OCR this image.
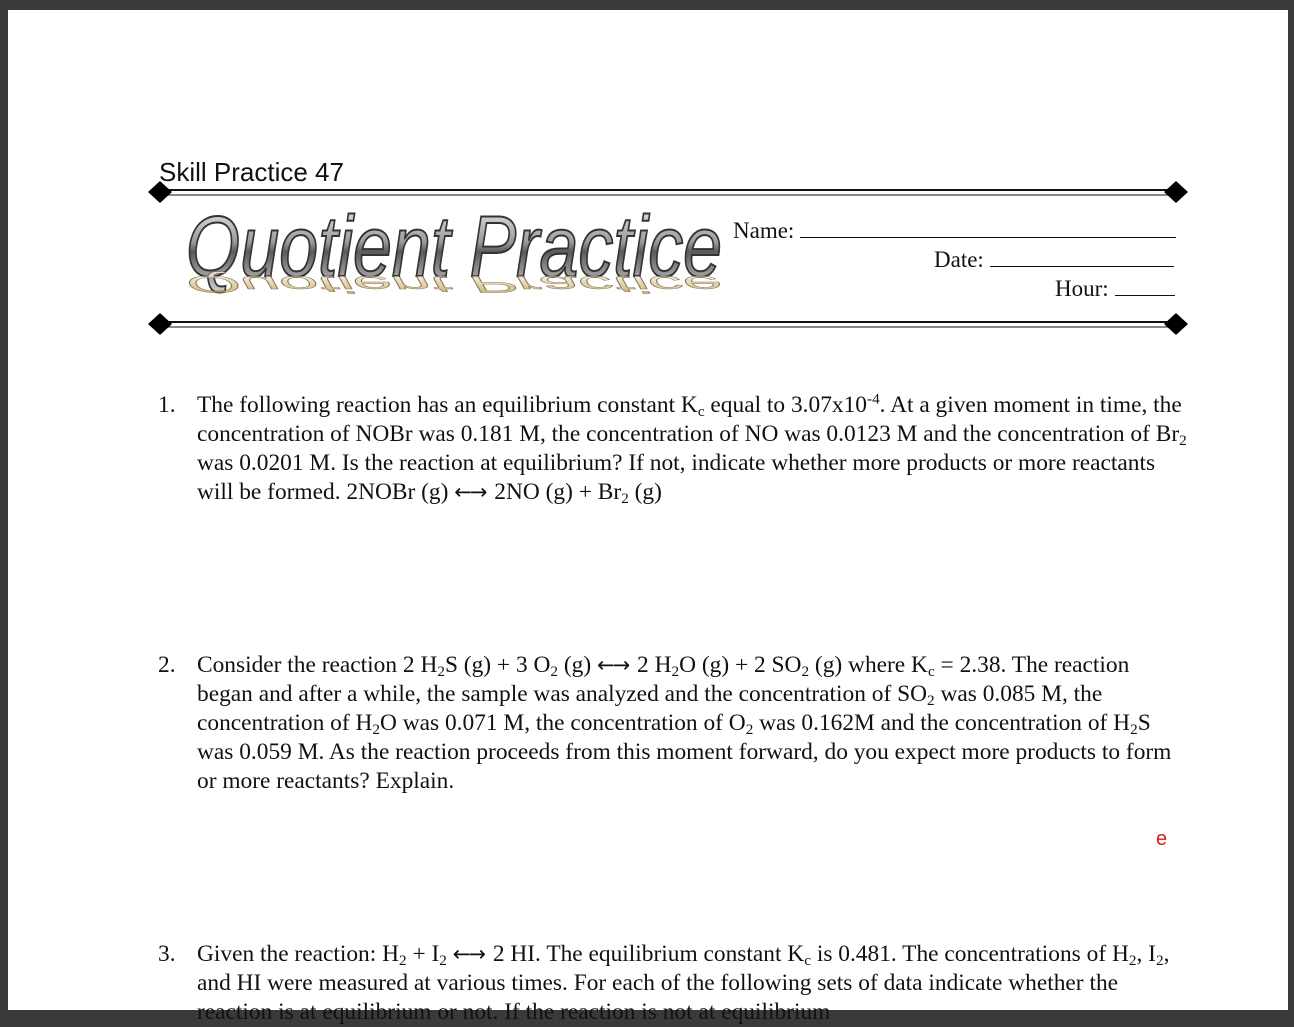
Skill Practice 47
Quotient Practice
Quotient Practice
Name:
Date:
Hour:
1. The following reaction has an equilibrium constant $K_c$ equal to $3.07x10^{-4}$. At a given moment in time, the concentration of NOBr was 0.181 M, the concentration of NO was 0.0123 M and the concentration of $Br_2$ was 0.0201 M. Is the reaction at equilibrium? If not, indicate whether more products or more reactants will be formed. 2NOBr (g) ←→ 2NO $(g) + Br_2$ (g)
2. Consider the reaction 2 $H_2S$ (g) + 3 $O_2$ (g) ←→ 2 $H_2O$ (g) + 2 $SO_2$ (g) where $K_c = 2.38$. The reaction began and after a while, the sample was analyzed and the concentration of $SO_2$ was 0.085 M, the concentration of $H_2O$ was 0.071 M, the concentration of $O_2$ was 0.162M and the concentration of $H_2S$ was 0.059 M. As the reaction proceeds from this moment forward, do you expect more products to form or more reactants? Explain.
e
3. Given the reaction: $H_2 + I_2$ ←→ 2 HI. The equilibrium constant $K_c$ is 0.481. The concentrations of $H_2$, $I_2$, and HI were measured at various times. For each of the following sets of data indicate whether the reaction is at equilibrium or not. If the reaction is not at equilibrium
